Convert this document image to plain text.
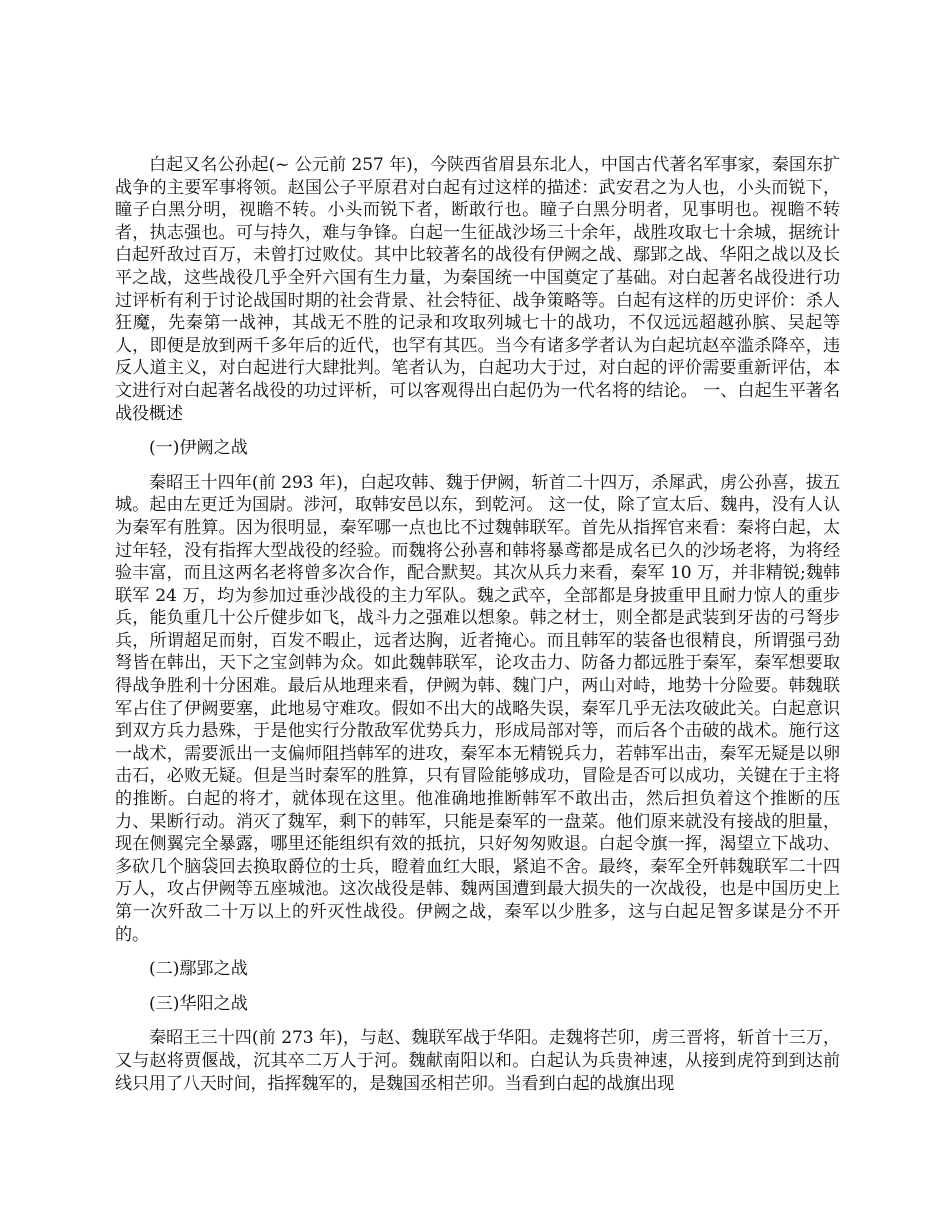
白起又名公孙起(~ 公元前 257 年)，今陕西省眉县东北人，中国古代著名军事家，秦国东扩战争的主要军事将领。赵国公子平原君对白起有过这样的描述：武安君之为人也，小头而锐下，瞳子白黑分明，视瞻不转。小头而锐下者，断敢行也。瞳子白黑分明者，见事明也。视瞻不转者，执志强也。可与持久，难与争锋。白起一生征战沙场三十余年，战胜攻取七十余城，据统计白起歼敌过百万，未曾打过败仗。其中比较著名的战役有伊阙之战、鄢郢之战、华阳之战以及长平之战，这些战役几乎全歼六国有生力量，为秦国统一中国奠定了基础。对白起著名战役进行功过评析有利于讨论战国时期的社会背景、社会特征、战争策略等。白起有这样的历史评价：杀人狂魔，先秦第一战神，其战无不胜的记录和攻取列城七十的战功，不仅远远超越孙膑、吴起等人，即便是放到两千多年后的近代，也罕有其匹。当今有诸多学者认为白起坑赵卒滥杀降卒，违反人道主义，对白起进行大肆批判。笔者认为，白起功大于过，对白起的评价需要重新评估，本文进行对白起著名战役的功过评析，可以客观得出白起仍为一代名将的结论。 一、白起生平著名战役概述

(一)伊阙之战

秦昭王十四年(前 293 年)，白起攻韩、魏于伊阙，斩首二十四万，杀犀武，虏公孙喜，拔五城。起由左更迁为国尉。涉河，取韩安邑以东，到乾河。 这一仗，除了宣太后、魏冉，没有人认为秦军有胜算。因为很明显，秦军哪一点也比不过魏韩联军。首先从指挥官来看：秦将白起，太过年轻，没有指挥大型战役的经验。而魏将公孙喜和韩将暴鸢都是成名已久的沙场老将，为将经验丰富，而且这两名老将曾多次合作，配合默契。其次从兵力来看，秦军 10 万，并非精锐;魏韩联军 24 万，均为参加过垂沙战役的主力军队。魏之武卒，全部都是身披重甲且耐力惊人的重步兵，能负重几十公斤健步如飞，战斗力之强难以想象。韩之材士，则全都是武装到牙齿的弓弩步兵，所谓超足而射，百发不暇止，远者达胸，近者掩心。而且韩军的装备也很精良，所谓强弓劲弩皆在韩出，天下之宝剑韩为众。如此魏韩联军，论攻击力、防备力都远胜于秦军，秦军想要取得战争胜利十分困难。最后从地理来看，伊阙为韩、魏门户，两山对峙，地势十分险要。韩魏联军占住了伊阙要塞，此地易守难攻。假如不出大的战略失误，秦军几乎无法攻破此关。白起意识到双方兵力悬殊，于是他实行分散敌军优势兵力，形成局部对等，而后各个击破的战术。施行这一战术，需要派出一支偏师阻挡韩军的进攻，秦军本无精锐兵力，若韩军出击，秦军无疑是以卵击石，必败无疑。但是当时秦军的胜算，只有冒险能够成功，冒险是否可以成功，关键在于主将的推断。白起的将才，就体现在这里。他准确地推断韩军不敢出击，然后担负着这个推断的压力、果断行动。消灭了魏军，剩下的韩军，只能是秦军的一盘菜。他们原来就没有接战的胆量，现在侧翼完全暴露，哪里还能组织有效的抵抗，只好匆匆败退。白起令旗一挥，渴望立下战功、多砍几个脑袋回去换取爵位的士兵，瞪着血红大眼，紧追不舍。最终，秦军全歼韩魏联军二十四万人，攻占伊阙等五座城池。这次战役是韩、魏两国遭到最大损失的一次战役，也是中国历史上第一次歼敌二十万以上的歼灭性战役。伊阙之战，秦军以少胜多，这与白起足智多谋是分不开的。

(二)鄢郢之战

(三)华阳之战

秦昭王三十四(前 273 年)，与赵、魏联军战于华阳。走魏将芒卯，虏三晋将，斩首十三万，又与赵将贾偃战，沉其卒二万人于河。魏献南阳以和。白起认为兵贵神速，从接到虎符到到达前线只用了八天时间，指挥魏军的，是魏国丞相芒卯。当看到白起的战旗出现
